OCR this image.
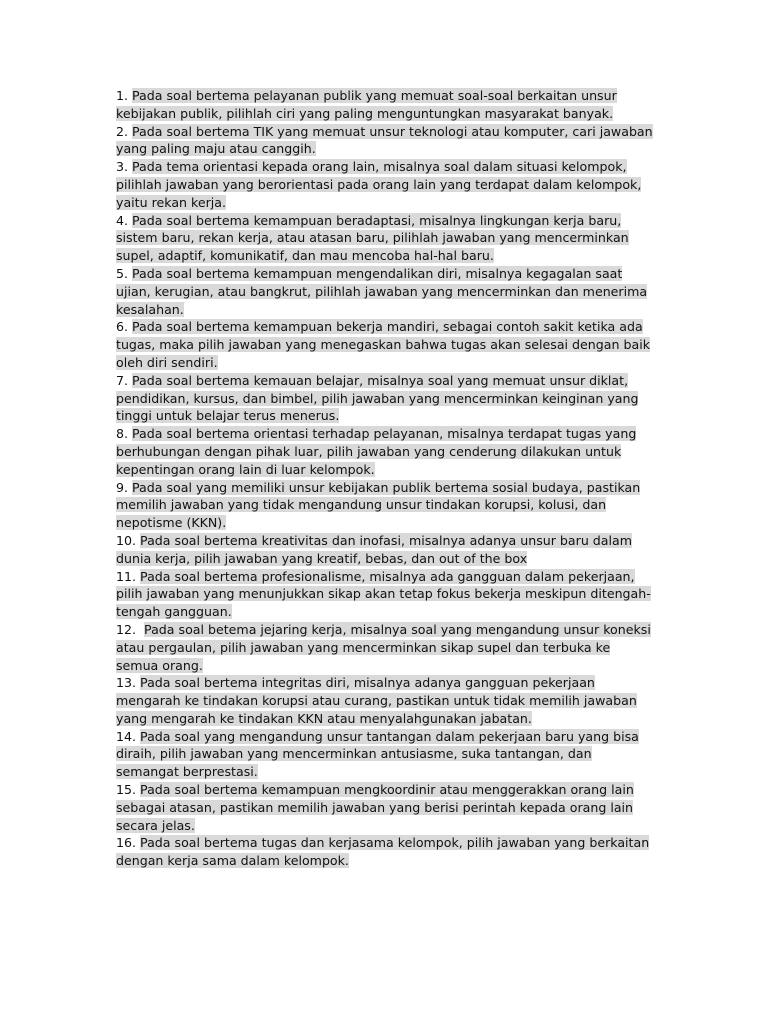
1. Pada soal bertema pelayanan publik yang memuat soal-soal berkaitan unsur kebijakan publik, pilihlah ciri yang paling menguntungkan masyarakat banyak.

2. Pada soal bertema TIK yang memuat unsur teknologi atau komputer, cari jawaban yang paling maju atau canggih.

3. Pada tema orientasi kepada orang lain, misalnya soal dalam situasi kelompok, pilihlah jawaban yang berorientasi pada orang lain yang terdapat dalam kelompok, yaitu rekan kerja.

4. Pada soal bertema kemampuan beradaptasi, misalnya lingkungan kerja baru, sistem baru, rekan kerja, atau atasan baru, pilihlah jawaban yang mencerminkan supel, adaptif, komunikatif, dan mau mencoba hal-hal baru.

5. Pada soal bertema kemampuan mengendalikan diri, misalnya kegagalan saat ujian, kerugian, atau bangkrut, pilihlah jawaban yang mencerminkan dan menerima kesalahan.

6. Pada soal bertema kemampuan bekerja mandiri, sebagai contoh sakit ketika ada tugas, maka pilih jawaban yang menegaskan bahwa tugas akan selesai dengan baik oleh diri sendiri.

7. Pada soal bertema kemauan belajar, misalnya soal yang memuat unsur diklat, pendidikan, kursus, dan bimbel, pilih jawaban yang mencerminkan keinginan yang tinggi untuk belajar terus menerus.

8. Pada soal bertema orientasi terhadap pelayanan, misalnya terdapat tugas yang berhubungan dengan pihak luar, pilih jawaban yang cenderung dilakukan untuk kepentingan orang lain di luar kelompok.

9. Pada soal yang memiliki unsur kebijakan publik bertema sosial budaya, pastikan memilih jawaban yang tidak mengandung unsur tindakan korupsi, kolusi, dan nepotisme (KKN).

10. Pada soal bertema kreativitas dan inofasi, misalnya adanya unsur baru dalam dunia kerja, pilih jawaban yang kreatif, bebas, dan out of the box

11. Pada soal bertema profesionalisme, misalnya ada gangguan dalam pekerjaan, pilih jawaban yang menunjukkan sikap akan tetap fokus bekerja meskipun ditengah-tengah gangguan.

12.  Pada soal betema jejaring kerja, misalnya soal yang mengandung unsur koneksi atau pergaulan, pilih jawaban yang mencerminkan sikap supel dan terbuka ke semua orang.

13. Pada soal bertema integritas diri, misalnya adanya gangguan pekerjaan mengarah ke tindakan korupsi atau curang, pastikan untuk tidak memilih jawaban yang mengarah ke tindakan KKN atau menyalahgunakan jabatan.

14. Pada soal yang mengandung unsur tantangan dalam pekerjaan baru yang bisa diraih, pilih jawaban yang mencerminkan antusiasme, suka tantangan, dan semangat berprestasi.

15. Pada soal bertema kemampuan mengkoordinir atau menggerakkan orang lain sebagai atasan, pastikan memilih jawaban yang berisi perintah kepada orang lain secara jelas.

16. Pada soal bertema tugas dan kerjasama kelompok, pilih jawaban yang berkaitan dengan kerja sama dalam kelompok.
